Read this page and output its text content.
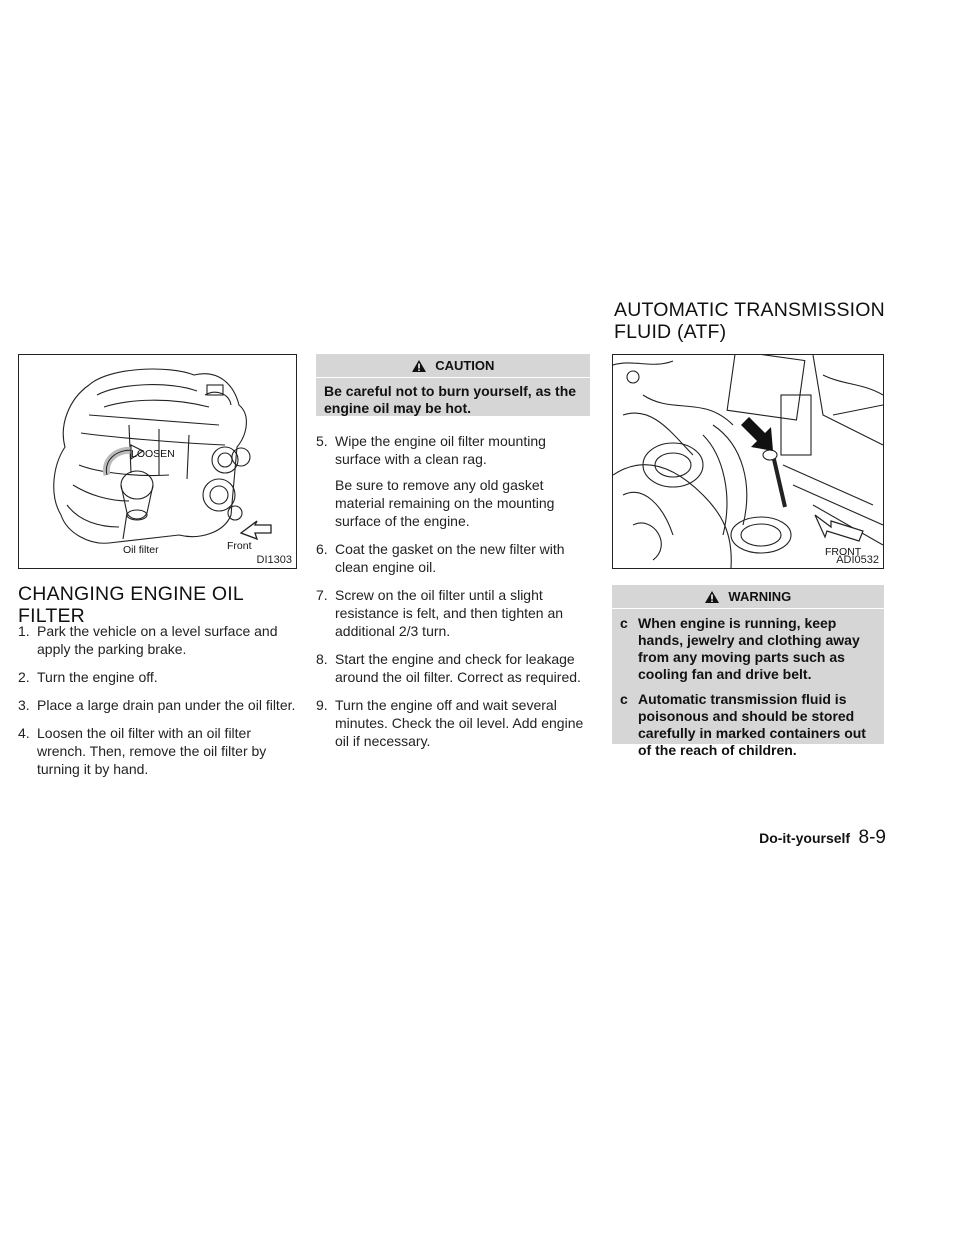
AUTOMATIC TRANSMISSION
FLUID (ATF)
LOOSEN
Oil filter	Front
DI1303
CHANGING ENGINE OIL FILTER
1. Park the vehicle on a level surface and apply the parking brake.
2. Turn the engine off.
3. Place a large drain pan under the oil filter.
4. Loosen the oil filter with an oil filter wrench. Then, remove the oil filter by turning it by hand.
CAUTION
Be careful not to burn yourself, as the engine oil may be hot.
5. Wipe the engine oil filter mounting surface with a clean rag.
Be sure to remove any old gasket material remaining on the mounting surface of the engine.
6. Coat the gasket on the new filter with clean engine oil.
7. Screw on the oil filter until a slight resistance is felt, and then tighten an additional 2/3 turn.
8. Start the engine and check for leakage around the oil filter. Correct as required.
9. Turn the engine off and wait several minutes. Check the oil level. Add engine oil if necessary.
FRONT
ADI0532
WARNING
c When engine is running, keep hands, jewelry and clothing away from any moving parts such as cooling fan and drive belt.
c Automatic transmission fluid is poisonous and should be stored carefully in marked containers out of the reach of children.
Do-it-yourself 8-9
